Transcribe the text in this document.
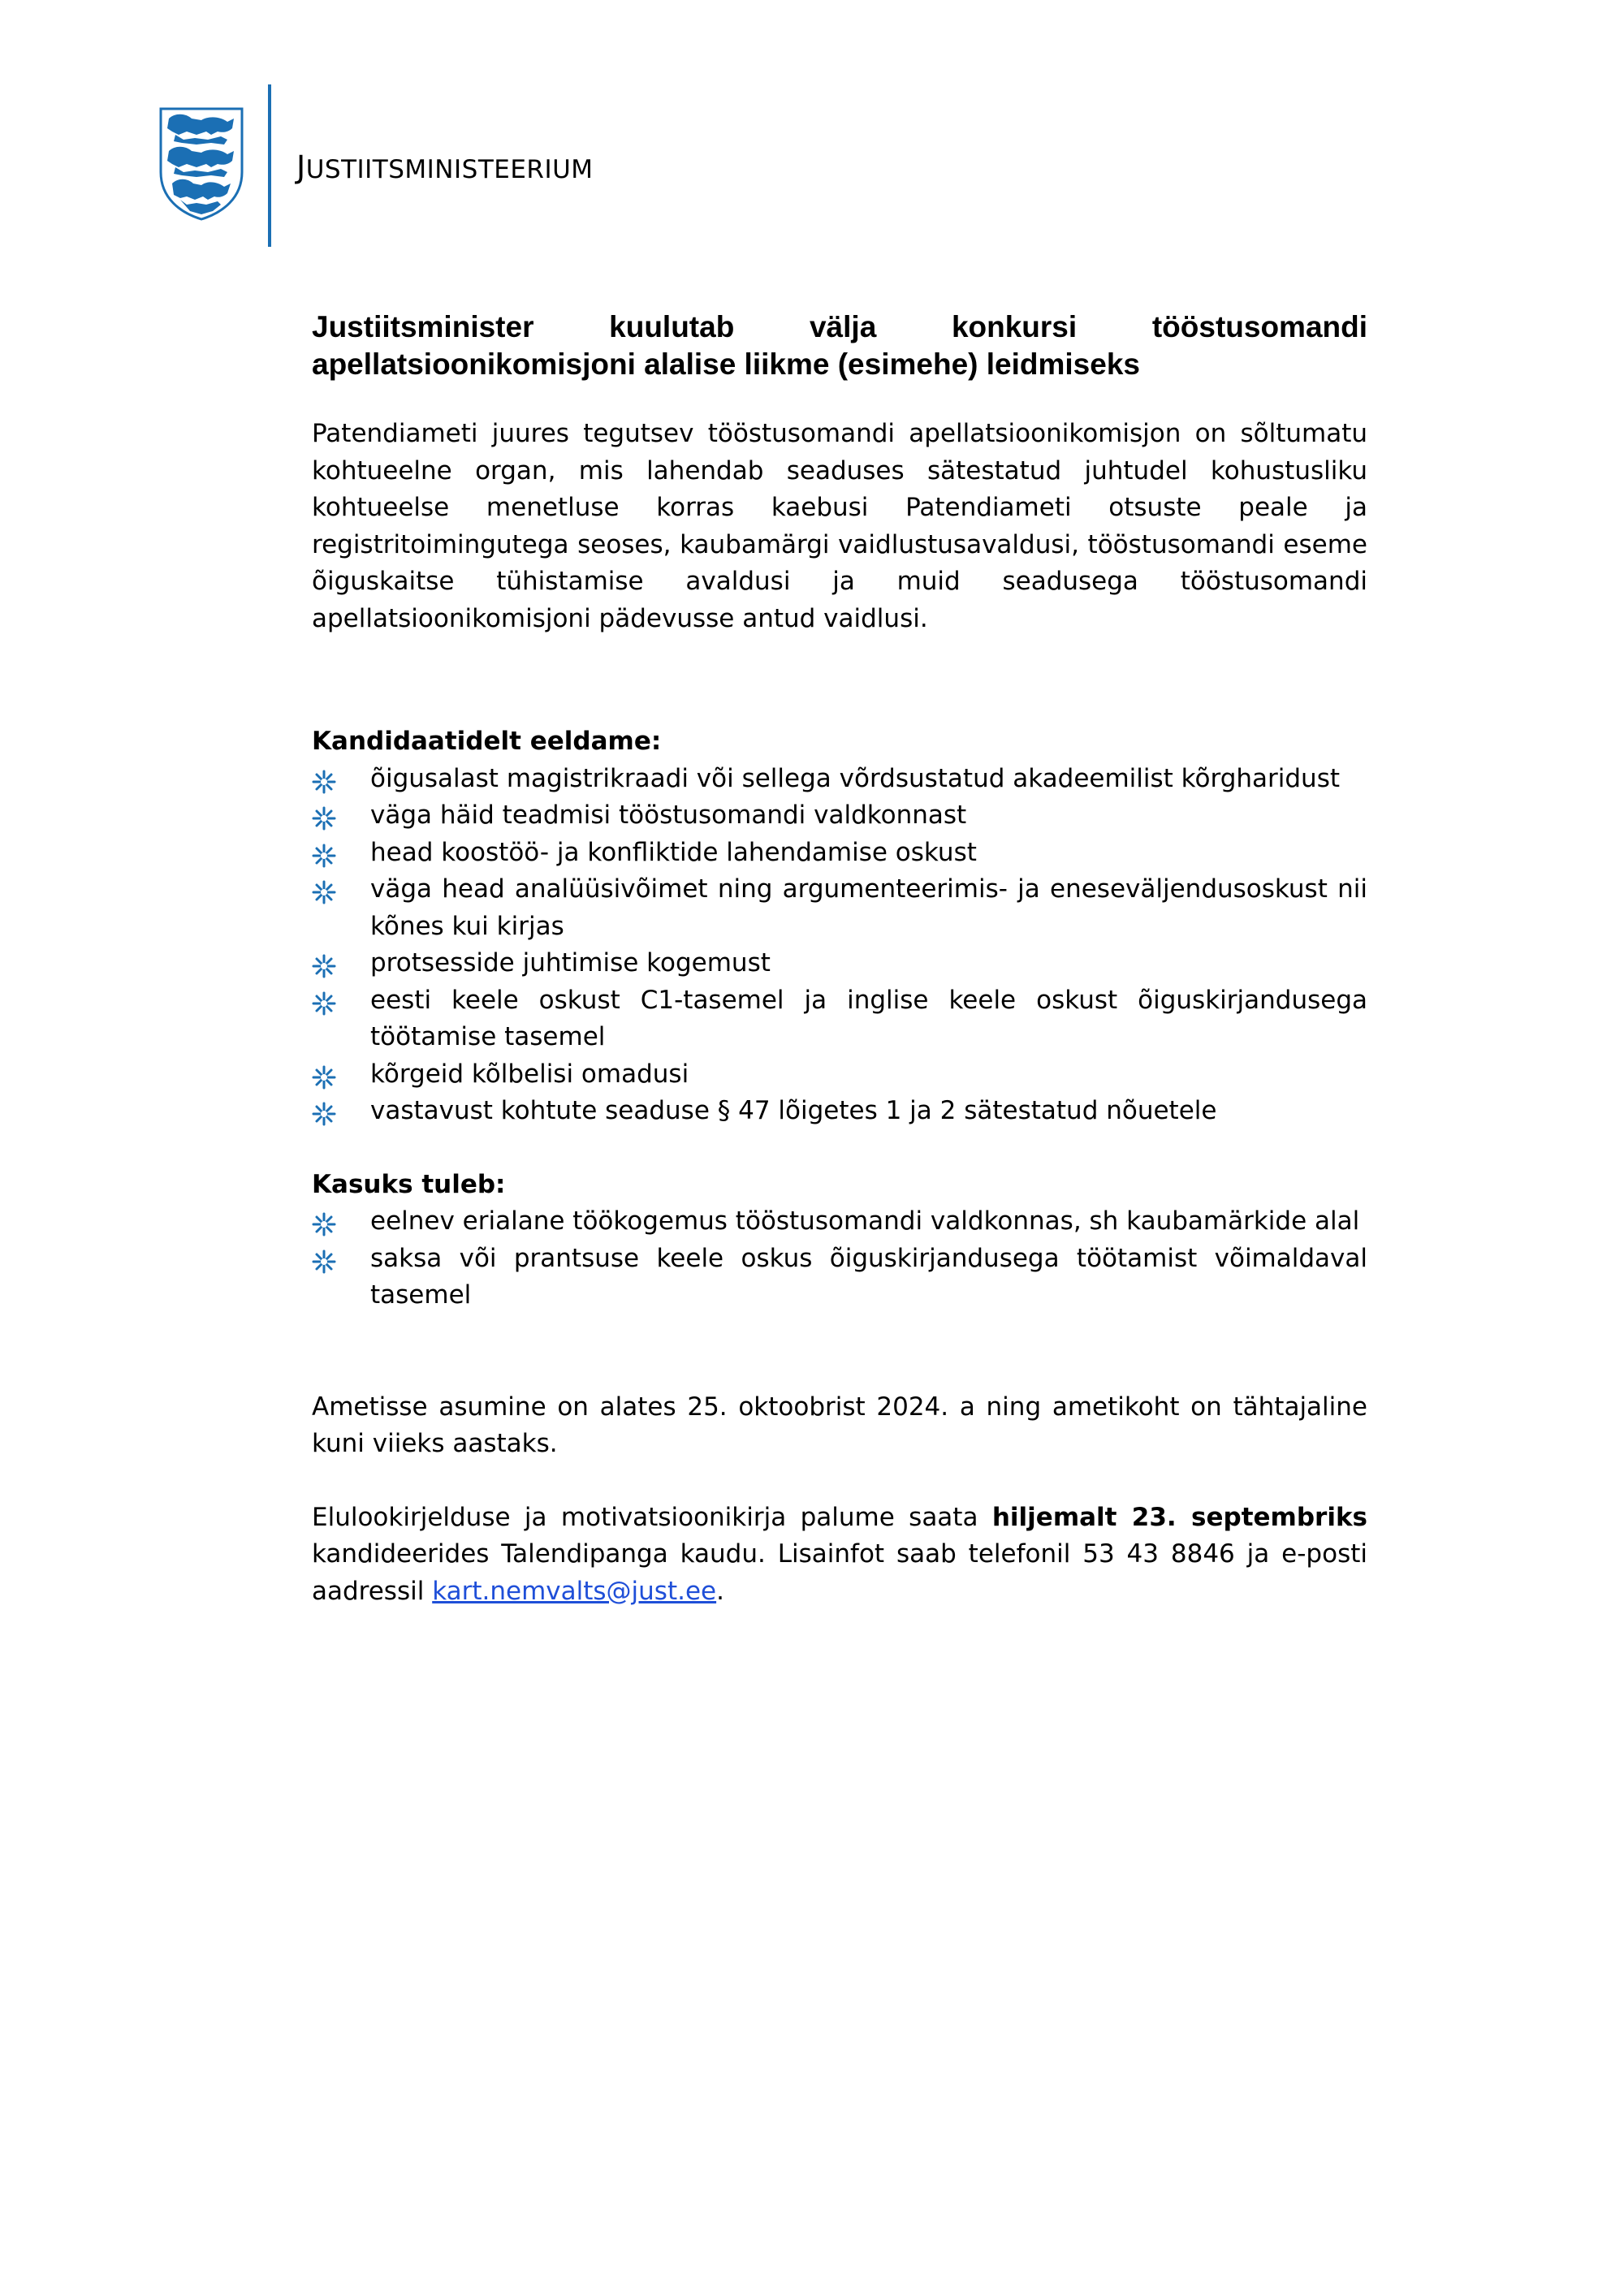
JUSTIITSMINISTEERIUM
Justiitsminister kuulutab välja konkursi tööstusomandi
apellatsioonikomisjoni alalise liikme (esimehe) leidmiseks

Patendiameti juures tegutsev tööstusomandi apellatsioonikomisjon on sõltumatu kohtueelne organ, mis lahendab seaduses sätestatud juhtudel kohustusliku kohtueelse menetluse korras kaebusi Patendiameti otsuste peale ja registritoimingutega seoses, kaubamärgi vaidlustusavaldusi, tööstusomandi eseme õiguskaitse tühistamise avaldusi ja muid seadusega tööstusomandi apellatsioonikomisjoni pädevusse antud vaidlusi.

Kandidaatidelt eeldame:

õigusalast magistrikraadi või sellega võrdsustatud akadeemilist kõrgharidust
väga häid teadmisi tööstusomandi valdkonnast
head koostöö- ja konfliktide lahendamise oskust
väga head analüüsivõimet ning argumenteerimis- ja eneseväljendusoskust nii kõnes kui kirjas
protsesside juhtimise kogemust
eesti keele oskust C1-tasemel ja inglise keele oskust õiguskirjandusega töötamise tasemel
kõrgeid kõlbelisi omadusi
vastavust kohtute seaduse § 47 lõigetes 1 ja 2 sätestatud nõuetele

Kasuks tuleb:

eelnev erialane töökogemus tööstusomandi valdkonnas, sh kaubamärkide alal
saksa või prantsuse keele oskus õiguskirjandusega töötamist võimaldaval tasemel

Ametisse asumine on alates 25. oktoobrist 2024. a ning ametikoht on tähtajaline kuni viieks aastaks.

Elulookirjelduse ja motivatsioonikirja palume saata hiljemalt 23. septembriks kandideerides Talendipanga kaudu. Lisainfot saab telefonil 53 43 8846 ja e-posti aadressil kart.nemvalts@just.ee.
